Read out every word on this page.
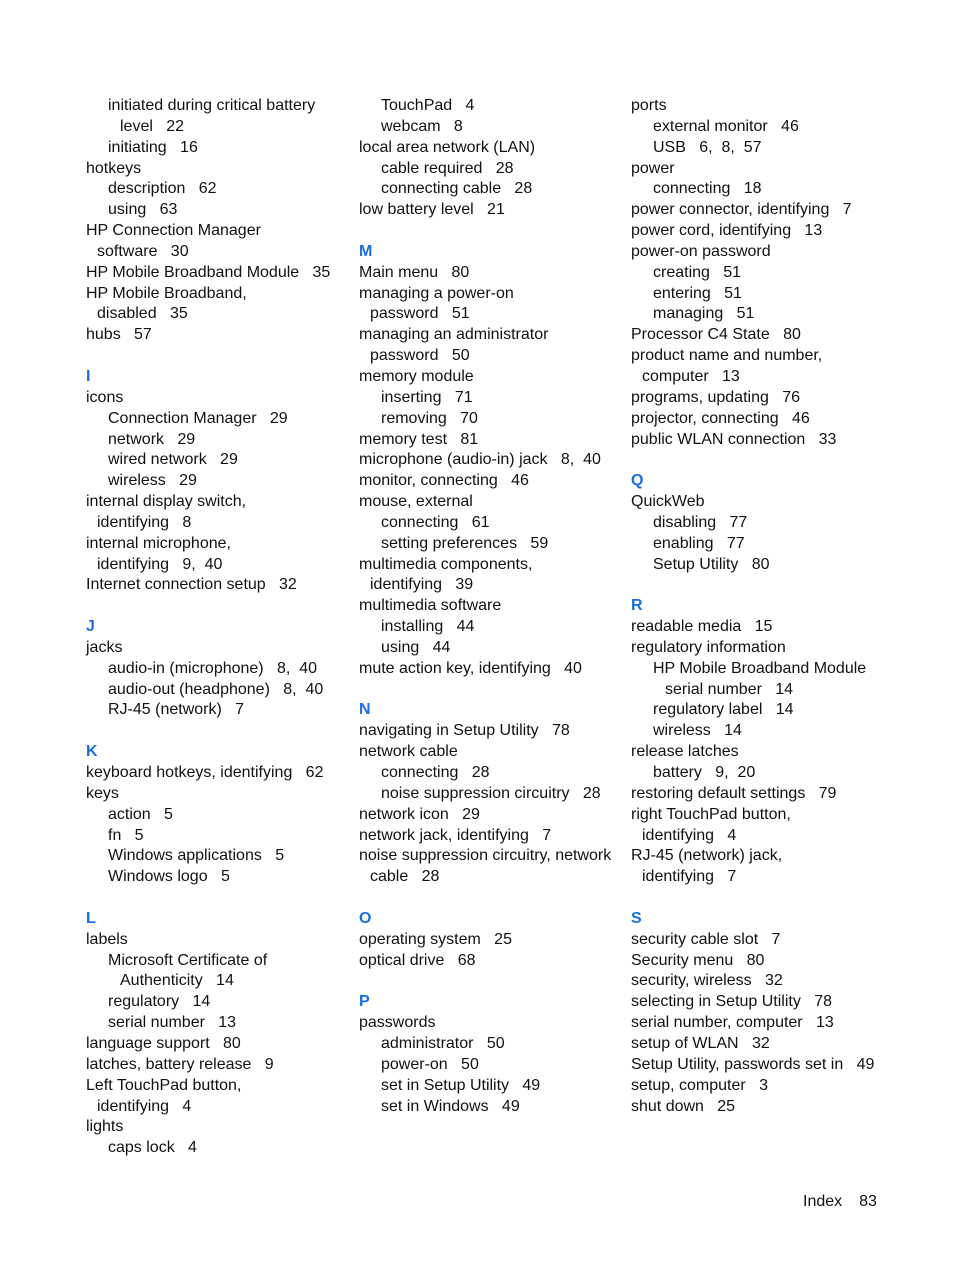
initiated during critical battery
level   22
initiating   16
hotkeys
description   62
using   63
HP Connection Manager
software   30
HP Mobile Broadband Module   35
HP Mobile Broadband,
disabled   35
hubs   57
I
icons
Connection Manager   29
network   29
wired network   29
wireless   29
internal display switch,
identifying   8
internal microphone,
identifying   9,  40
Internet connection setup   32
J
jacks
audio-in (microphone)   8,  40
audio-out (headphone)   8,  40
RJ-45 (network)   7
K
keyboard hotkeys, identifying   62
keys
action   5
fn   5
Windows applications   5
Windows logo   5
L
labels
Microsoft Certificate of
Authenticity   14
regulatory   14
serial number   13
language support   80
latches, battery release   9
Left TouchPad button,
identifying   4
lights
caps lock   4
TouchPad   4
webcam   8
local area network (LAN)
cable required   28
connecting cable   28
low battery level   21
M
Main menu   80
managing a power-on
password   51
managing an administrator
password   50
memory module
inserting   71
removing   70
memory test   81
microphone (audio-in) jack   8,  40
monitor, connecting   46
mouse, external
connecting   61
setting preferences   59
multimedia components,
identifying   39
multimedia software
installing   44
using   44
mute action key, identifying   40
N
navigating in Setup Utility   78
network cable
connecting   28
noise suppression circuitry   28
network icon   29
network jack, identifying   7
noise suppression circuitry, network
cable   28
O
operating system   25
optical drive   68
P
passwords
administrator   50
power-on   50
set in Setup Utility   49
set in Windows   49
ports
external monitor   46
USB   6,  8,  57
power
connecting   18
power connector, identifying   7
power cord, identifying   13
power-on password
creating   51
entering   51
managing   51
Processor C4 State   80
product name and number,
computer   13
programs, updating   76
projector, connecting   46
public WLAN connection   33
Q
QuickWeb
disabling   77
enabling   77
Setup Utility   80
R
readable media   15
regulatory information
HP Mobile Broadband Module
serial number   14
regulatory label   14
wireless   14
release latches
battery   9,  20
restoring default settings   79
right TouchPad button,
identifying   4
RJ-45 (network) jack,
identifying   7
S
security cable slot   7
Security menu   80
security, wireless   32
selecting in Setup Utility   78
serial number, computer   13
setup of WLAN   32
Setup Utility, passwords set in   49
setup, computer   3
shut down   25
Index 83
